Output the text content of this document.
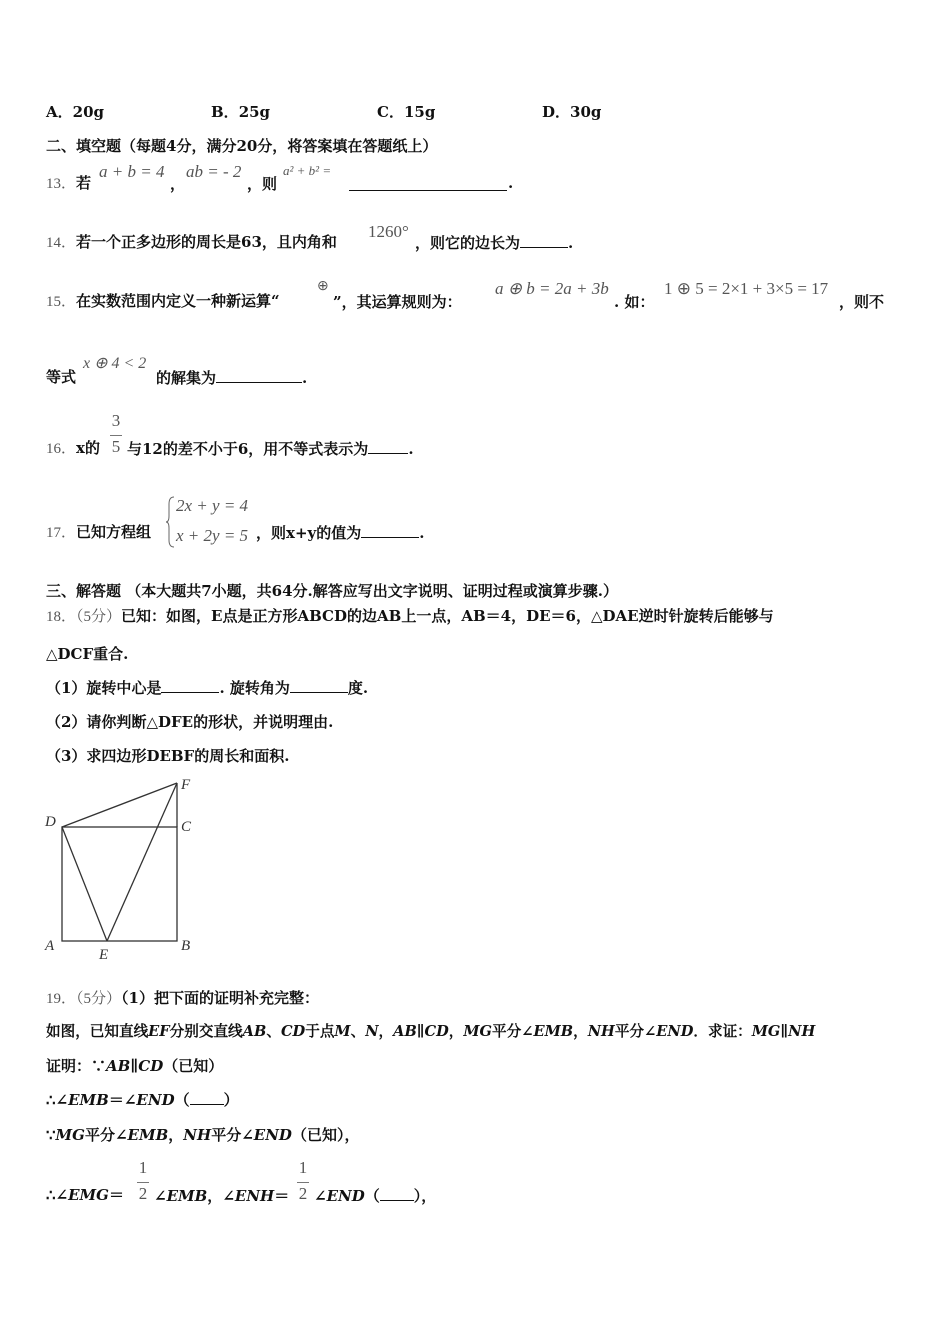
A．20g	B．25g	C．15g	D．30g
二、填空题（每题4分，满分20分，将答案填在答题纸上）
13．若
a + b = 4
，
ab = - 2
，则
a² + b² =
.
14．若一个正多边形的周长是63，且内角和
1260°
，则它的边长为	.
15．在实数范围内定义一种新运算“
⊕
”，其运算规则为：
a ⊕ b = 2a + 3b
. 如：
1 ⊕ 5 = 2×1 + 3×5 = 17
，则不
等式
x ⊕ 4 < 2
的解集为	.
16．x的
3
5 与12的差不小于6，用不等式表示为	.
17．已知方程组
2x + y = 4
x + 2y = 5 ，则x+y的值为	.
三、解答题 （本大题共7小题，共64分.解答应写出文字说明、证明过程或演算步骤.）
18．（5分）已知：如图，E点是正方形ABCD的边AB上一点，AB＝4，DE＝6，△DAE逆时针旋转后能够与
△DCF重合.
（1）旋转中心是	. 旋转角为	度.
（2）请你判断△DFE的形状，并说明理由.
（3）求四边形DEBF的周长和面积.
D
F
C
A
E
B
19．（5分）（1）把下面的证明补充完整：
如图，已知直线EF分别交直线AB、CD于点M、N，AB∥CD，MG平分∠EMB，NH平分∠END．求证：MG∥NH
证明：∵AB∥CD（已知）
∴∠EMB＝∠END（ ）
∵MG平分∠EMB，NH平分∠END（已知），
∴∠EMG＝
1
2 ∠EMB，∠ENH＝
1
2 ∠END（ ），
